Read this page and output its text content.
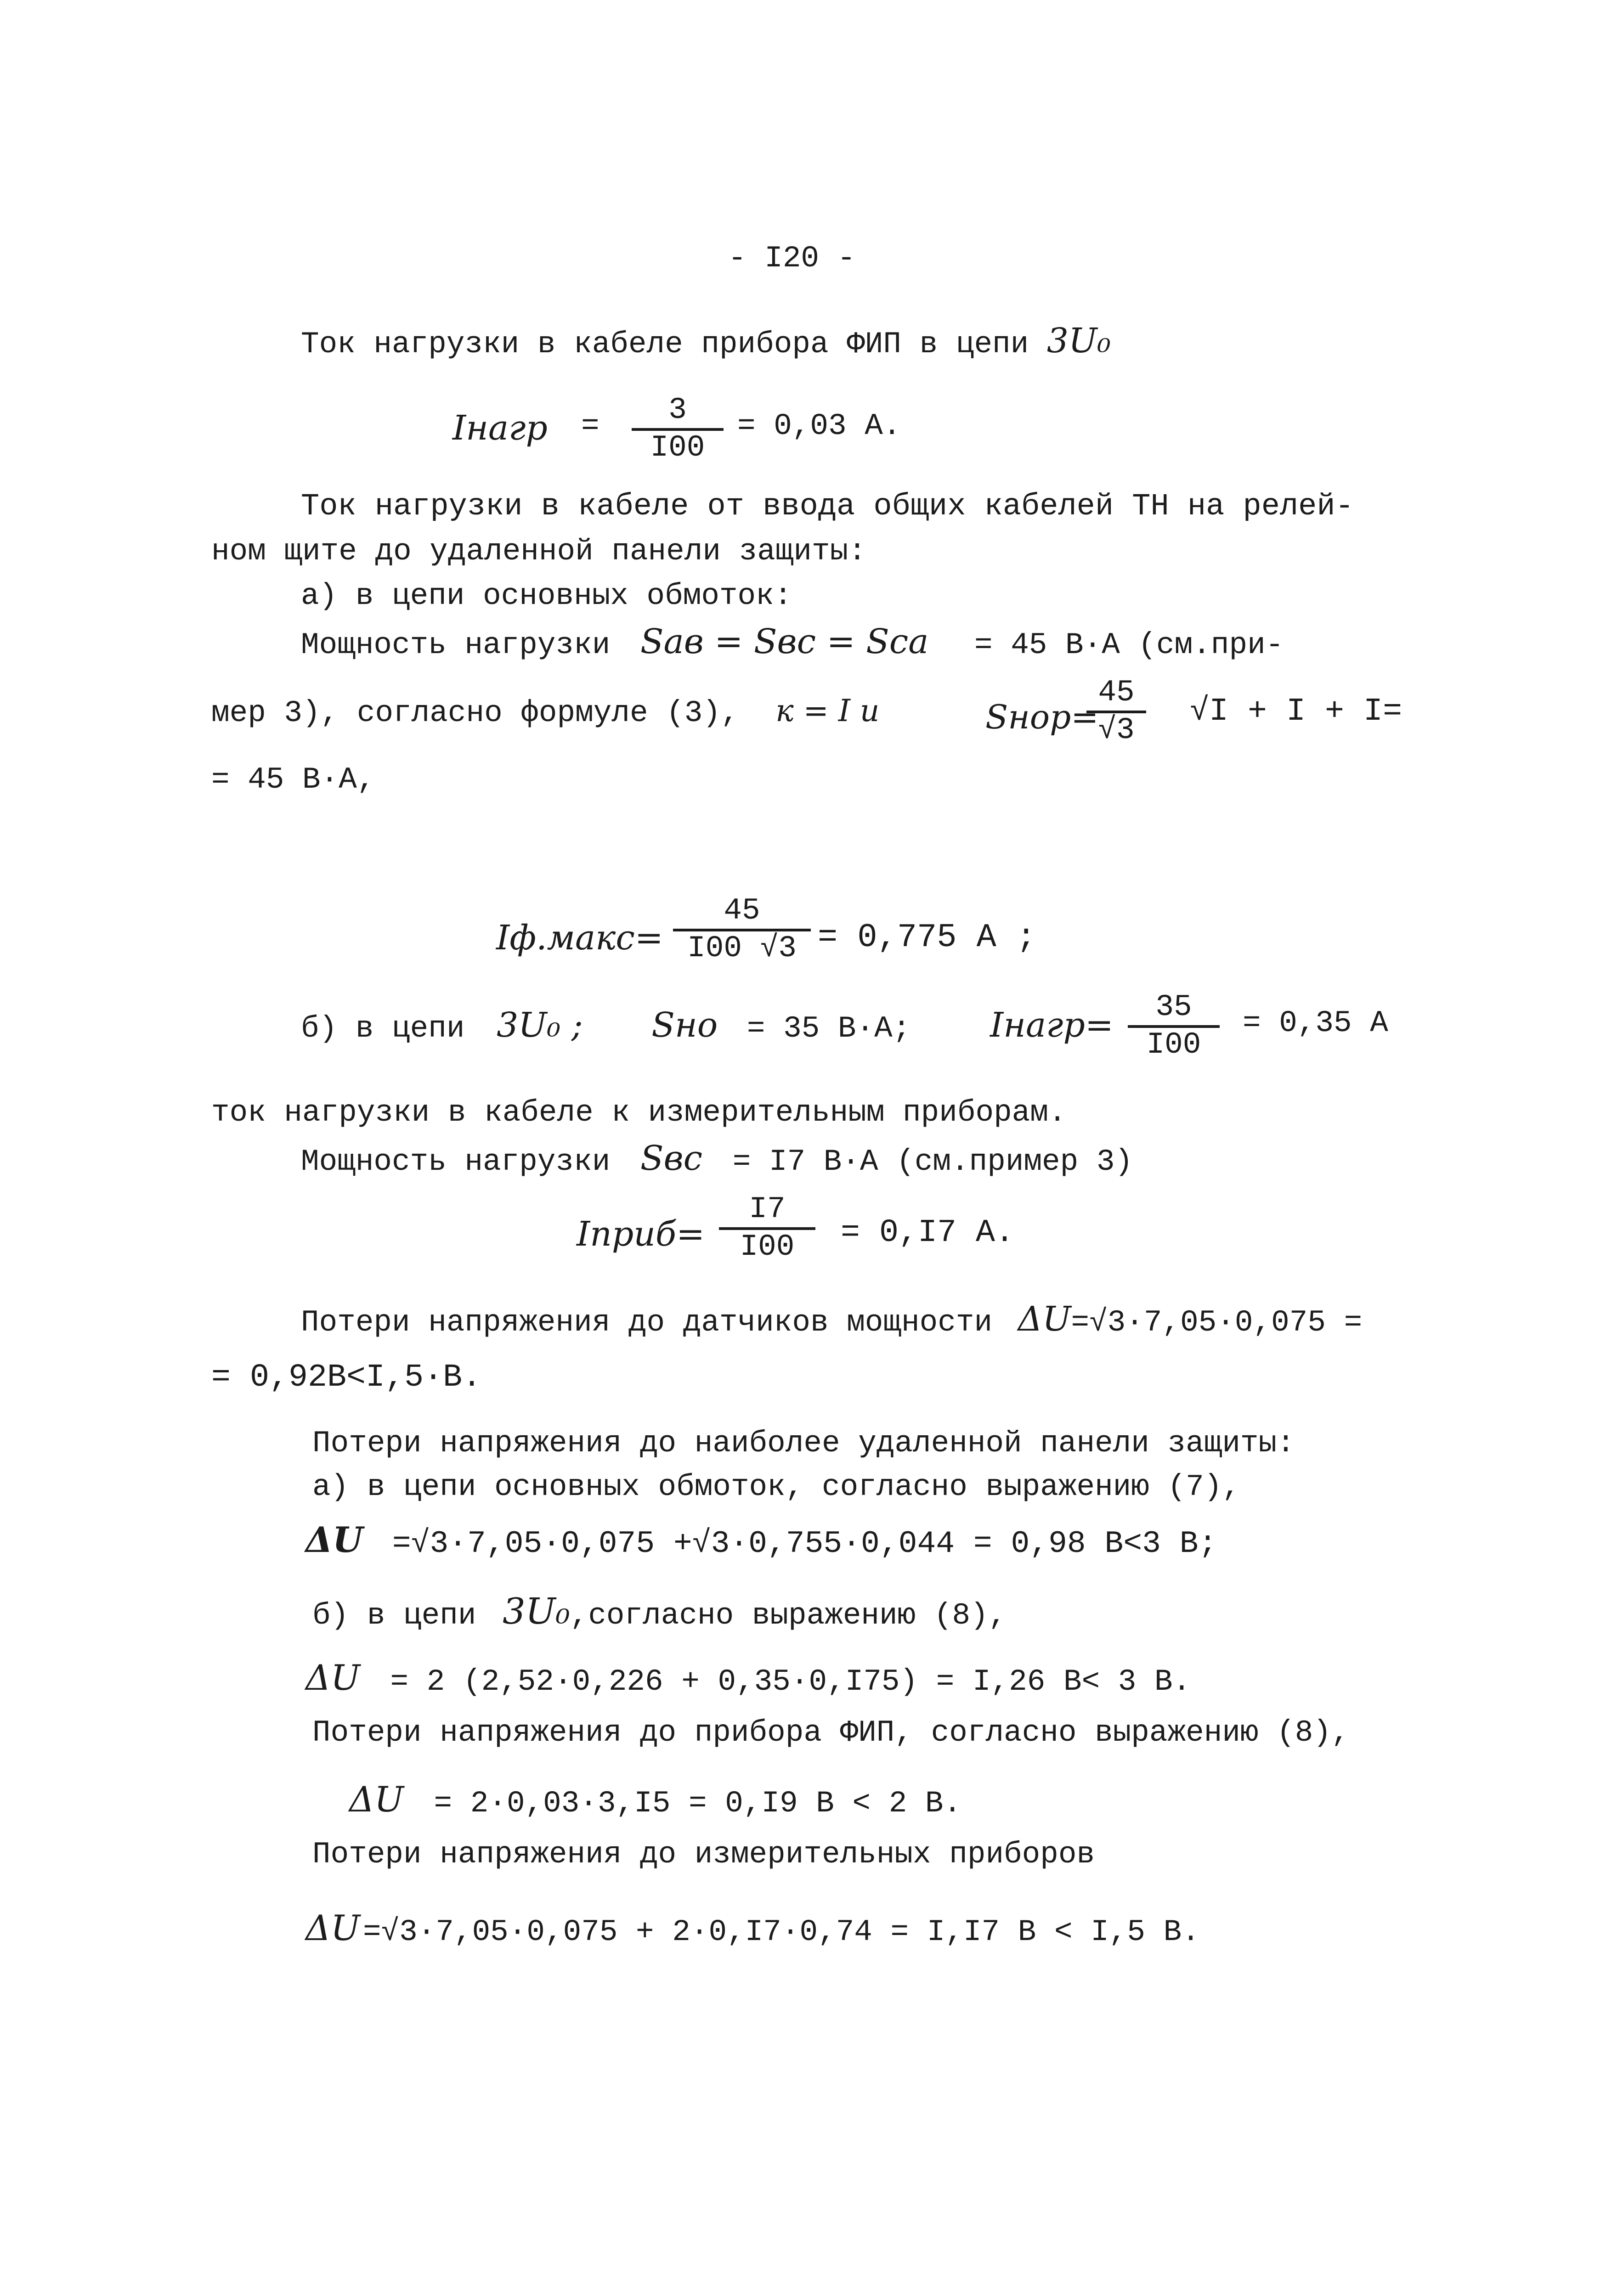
- I20 -
Ток нагрузки в кабеле прибора ФИП в цепи 3U₀
Iнагр =	3
I00
= 0,03 A.
Ток нагрузки в кабеле от ввода общих кабелей ТН на релей-
ном щите до удаленной панели защиты:
а) в цепи основных обмоток:
Мощность нагрузки Saв = Sвс = Sса = 45 В·А (см.при-
мер 3), согласно формуле (3), к = I и	Sнор=
45
√3
√I + I + I=
= 45 В·А,
Iф.макс=
45
I00 √3 = 0,775 А ;
б) в цепи 3U₀ ; Sно = 35 В·А; Iнагр=	35
I00
= 0,35 А
ток нагрузки в кабеле к измерительным приборам.
Мощность нагрузки Sвс = I7 В·А (см.пример 3)
Iприб=
I7
I00	= 0,I7 А.
Потери напряжения до датчиков мощности ΔU=√3·7,05·0,075 =
= 0,92В<I,5·В.
Потери напряжения до наиболее удаленной панели защиты:
а) в цепи основных обмоток, согласно выражению (7),
ΔU =√3·7,05·0,075 +√3·0,755·0,044 = 0,98 В<3 В;
б) в цепи 3U₀,согласно выражению (8),
ΔU = 2 (2,52·0,226 + 0,35·0,I75) = I,26 В< 3 В.
Потери напряжения до прибора ФИП, согласно выражению (8),
ΔU = 2·0,03·3,I5 = 0,I9 В < 2 В.
Потери напряжения до измерительных приборов
ΔU=√3·7,05·0,075 + 2·0,I7·0,74 = I,I7 В < I,5 В.
